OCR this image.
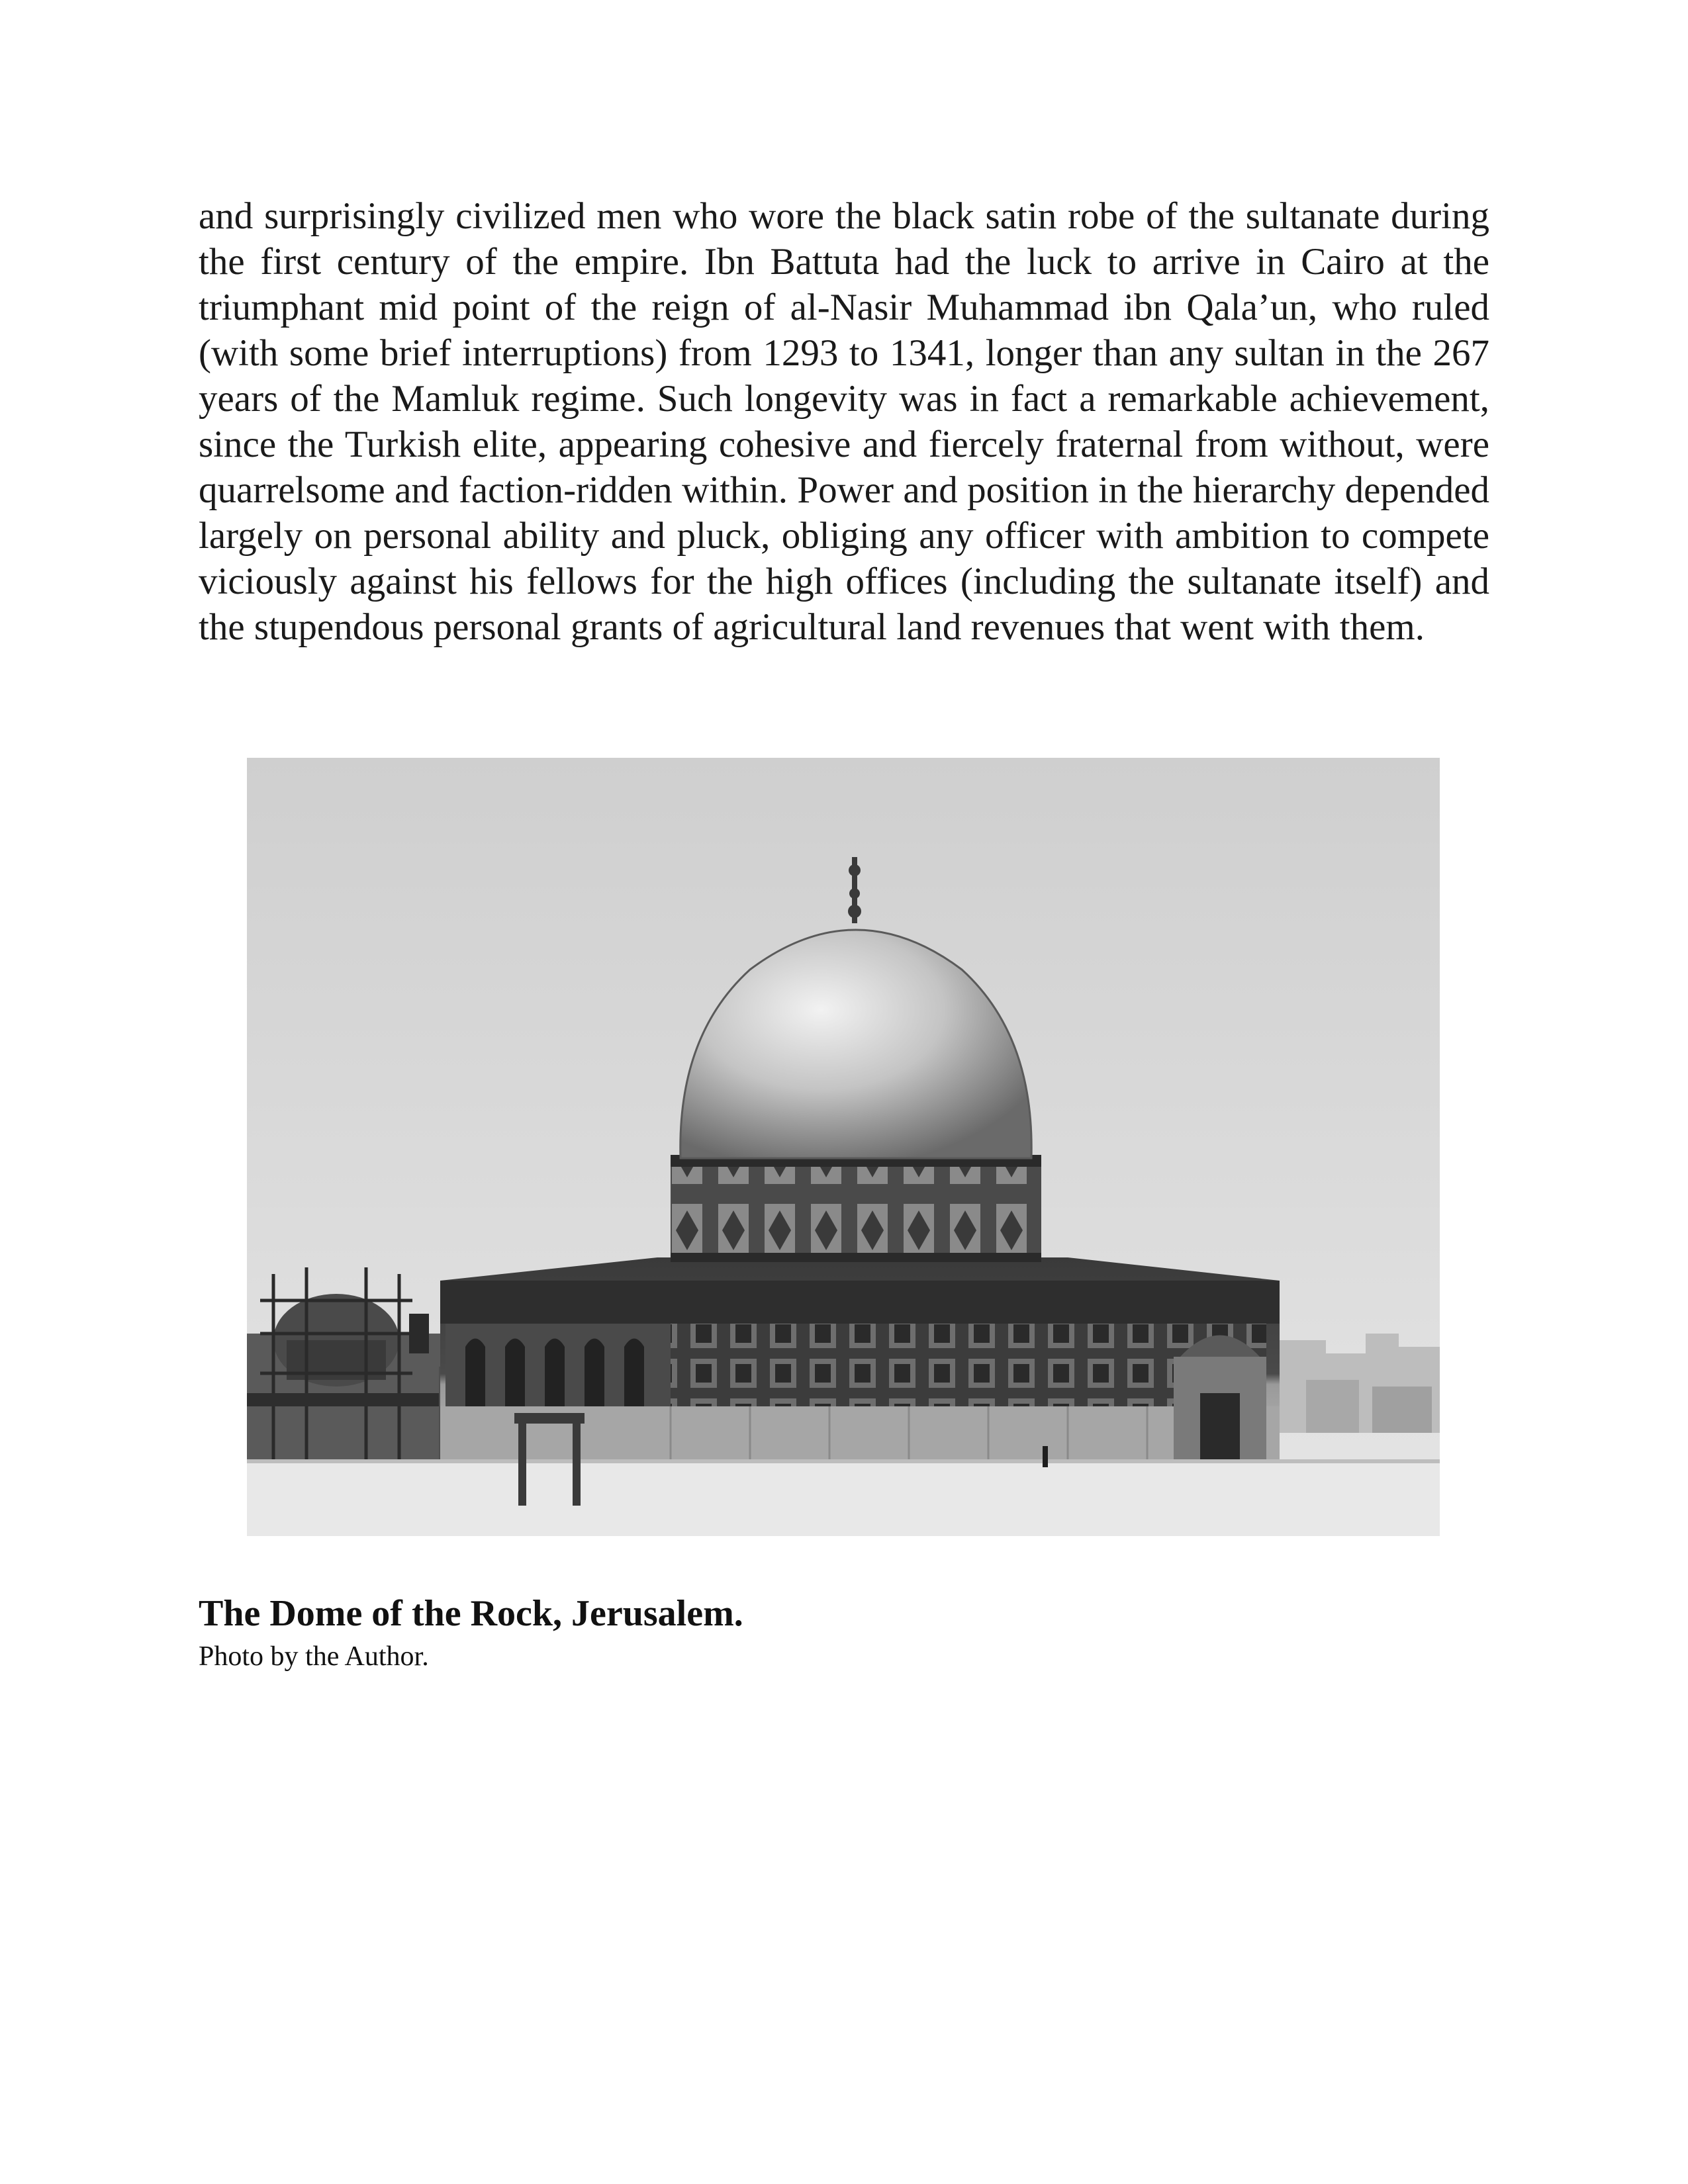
and surprisingly civilized men who wore the black satin robe of the sultanate during the first century of the empire. Ibn Battuta had the luck to arrive in Cairo at the triumphant mid point of the reign of al-Nasir Muhammad ibn Qala’un, who ruled (with some brief interruptions) from 1293 to 1341, longer than any sultan in the 267 years of the Mamluk regime. Such longevity was in fact a remarkable achievement, since the Turkish elite, appearing cohesive and fiercely fraternal from without, were quarrelsome and faction-ridden within. Power and position in the hierarchy depended largely on personal ability and pluck, obliging any officer with ambition to compete viciously against his fellows for the high offices (including the sultanate itself) and the stupendous personal grants of agricultural land revenues that went with them.

The Dome of the Rock, Jerusalem.

Photo by the Author.
